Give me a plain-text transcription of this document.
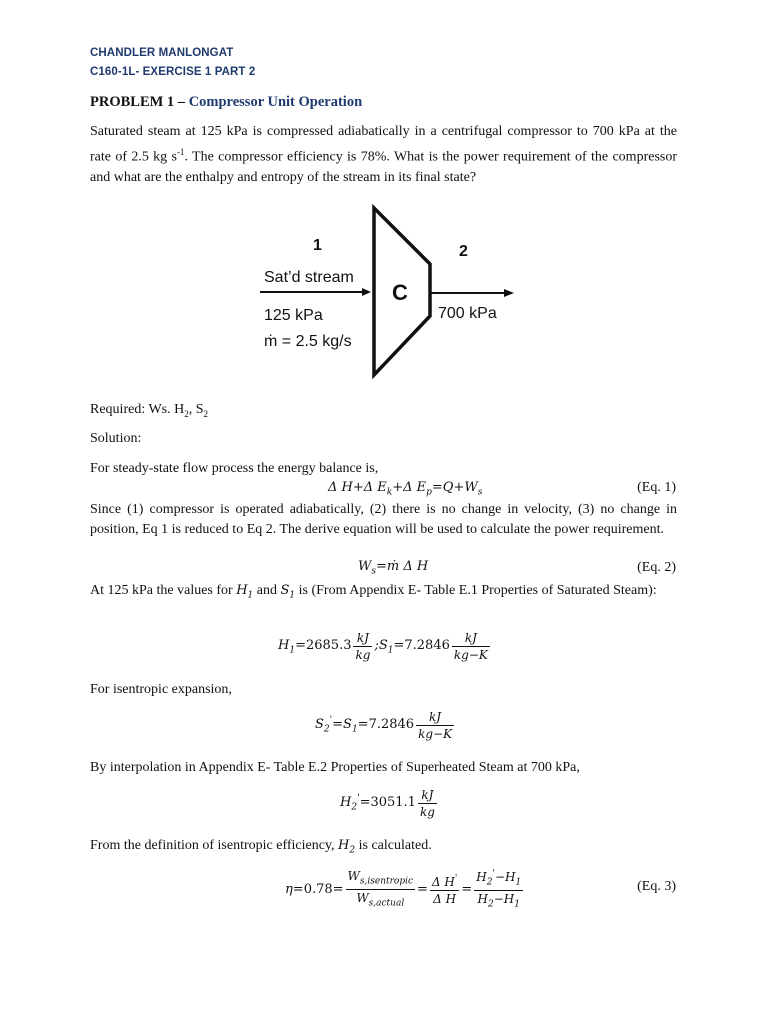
CHANDLER MANLONGAT
C160-1L- EXERCISE 1 PART 2
PROBLEM 1 – Compressor Unit Operation
Saturated steam at 125 kPa is compressed adiabatically in a centrifugal compressor to 700 kPa at the rate of 2.5 kg $s^{-1}$. The compressor efficiency is 78%. What is the power requirement of the compressor and what are the enthalpy and entropy of the stream in its final state?
1	2
Sat’d stream
C
125 kPa	700 kPa
ṁ = 2.5 kg/s
Required: Ws. $H_2$, $S_2$
Solution:
For steady-state flow process the energy balance is,
Δ H+Δ $E_k+\Delta$ $E_p=Q+W_s$	(Eq. 1)
Since (1) compressor is operated adiabatically, (2) there is no change in velocity, (3) no change in position, Eq 1 is reduced to Eq 2. The derive equation will be used to calculate the power requirement.
$W_s=ṁ$ Δ H	(Eq. 2)
At 125 kPa the values for $H_1$ and $S_1$ is (From Appendix E- Table E.1 Properties of Saturated Steam):
$H_1=2685.3 \frac{kJ}{kg}$ $;S_1=7.2846 \frac{kJ}{kg-K}$
For isentropic expansion,
$S_2'=S_1=7.2846 \frac{kJ}{kg-K}$
By interpolation in Appendix E- Table E.2 Properties of Superheated Steam at 700 kPa,
$H_2'=3051.1 \frac{kJ}{kg}$
From the definition of isentropic efficiency, $H_2$ is calculated.
$\eta=0.78= \frac{W_{s,isentropic}}{W_{s,actual}} = \frac{\Delta H'}{\text{Δ H}} = \frac{H_2'-H_1}{H_2-H_1}$	(Eq. 3)
